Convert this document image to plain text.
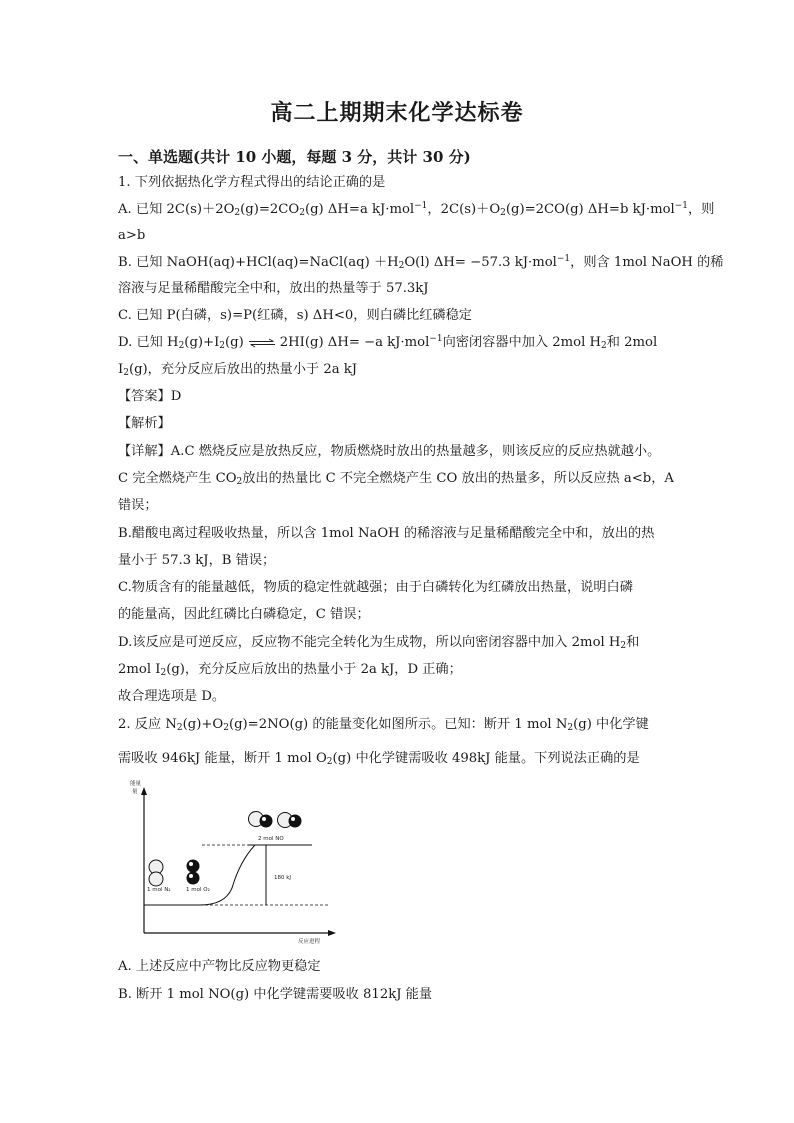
高二上期期末化学达标卷
一、单选题(共计 10 小题，每题 3 分，共计 30 分)
1. 下列依据热化学方程式得出的结论正确的是
A. 已知 $2C(s)+2O_2(g)=2CO_2(g)$ ΔH=a kJ·mol$^{-1}$，$2C(s)+O_2(g)=2CO(g)$ ΔH=b kJ·mol$^{-1}$，则
a>b
B. 已知 NaOH(aq)+HCl(aq)=NaCl(aq) $+H_2O(l)$ ΔH= −57.3 kJ·mol$^{-1}$，则含 1mol NaOH 的稀
溶液与足量稀醋酸完全中和，放出的热量等于 57.3kJ
C. 已知 P(白磷，s)=P(红磷，s) ΔH<0，则白磷比红磷稳定
D. 已知 $H_2(g)+I_2(g)$ ⇌ 2HI(g) ΔH= −a kJ·mol$^{-1}$向密闭容器中加入 2mol $H_2$和 2mol
$I_2(g)$，充分反应后放出的热量小于 2a kJ
【答案】D
【解析】
【详解】A.C 燃烧反应是放热反应，物质燃烧时放出的热量越多，则该反应的反应热就越小。
C 完全燃烧产生 $CO_2$放出的热量比 C 不完全燃烧产生 CO 放出的热量多，所以反应热 a<b，A
错误；
B.醋酸电离过程吸收热量，所以含 1mol NaOH 的稀溶液与足量稀醋酸完全中和，放出的热
量小于 57.3 kJ，B 错误；
C.物质含有的能量越低，物质的稳定性就越强；由于白磷转化为红磷放出热量，说明白磷
的能量高，因此红磷比白磷稳定，C 错误；
D.该反应是可逆反应，反应物不能完全转化为生成物，所以向密闭容器中加入 2mol $H_2$和
2mol $I_2(g)$，充分反应后放出的热量小于 2a kJ，D 正确；
故合理选项是 D。
2. 反应 $N_2(g)+O_2(g)=2NO(g)$ 的能量变化如图所示。已知：断开 1 mol $N_2(g)$ 中化学键
需吸收 946kJ 能量，断开 1 mol $O_2(g)$ 中化学键需吸收 498kJ 能量。下列说法正确的是
能量
量
反应进程
180 kJ
1 mol N₂	1 mol O₂
2 mol NO
A. 上述反应中产物比反应物更稳定
B. 断开 1 mol NO(g) 中化学键需要吸收 812kJ 能量
